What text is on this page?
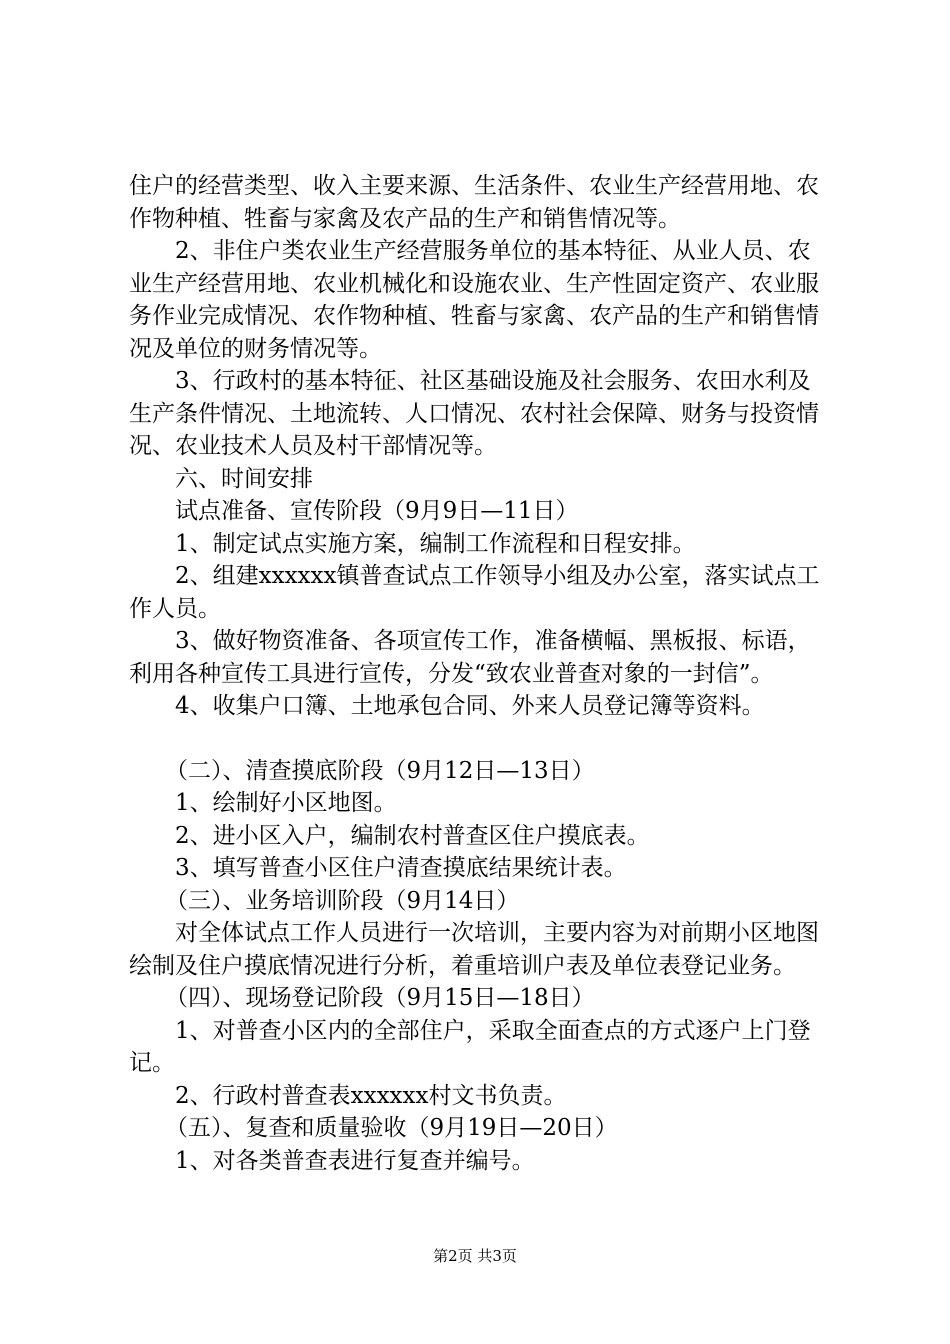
住户的经营类型、收入主要来源、生活条件、农业生产经营用地、农作物种植、牲畜与家禽及农产品的生产和销售情况等。

2、非住户类农业生产经营服务单位的基本特征、从业人员、农业生产经营用地、农业机械化和设施农业、生产性固定资产、农业服务作业完成情况、农作物种植、牲畜与家禽、农产品的生产和销售情况及单位的财务情况等。

3、行政村的基本特征、社区基础设施及社会服务、农田水利及生产条件情况、土地流转、人口情况、农村社会保障、财务与投资情况、农业技术人员及村干部情况等。

六、时间安排

试点准备、宣传阶段（9月9日—11日）

1、制定试点实施方案，编制工作流程和日程安排。

2、组建xxxxxx镇普查试点工作领导小组及办公室，落实试点工作人员。

3、做好物资准备、各项宣传工作，准备横幅、黑板报、标语，利用各种宣传工具进行宣传，分发“致农业普查对象的一封信”。

4、收集户口簿、土地承包合同、外来人员登记簿等资料。

（二）、清查摸底阶段（9月12日—13日）

1、绘制好小区地图。

2、进小区入户，编制农村普查区住户摸底表。

3、填写普查小区住户清查摸底结果统计表。

（三）、业务培训阶段（9月14日）

对全体试点工作人员进行一次培训，主要内容为对前期小区地图绘制及住户摸底情况进行分析，着重培训户表及单位表登记业务。

（四）、现场登记阶段（9月15日—18日）

1、对普查小区内的全部住户，采取全面查点的方式逐户上门登记。

2、行政村普查表xxxxxx村文书负责。

（五）、复查和质量验收（9月19日—20日）

1、对各类普查表进行复查并编号。

第2页 共3页
